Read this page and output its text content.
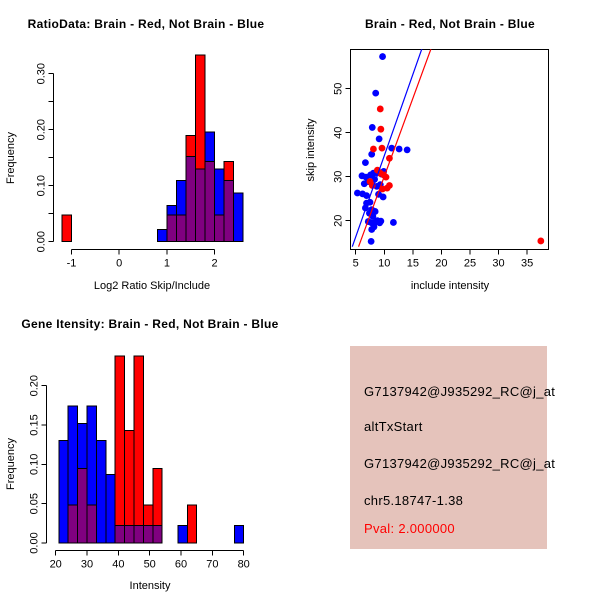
RatioData: Brain - Red, Not Brain - Blue
Frequency
Log2 Ratio Skip/Include
0.00
0.10
0.20
0.30
-1	0	1	2
Brain - Red, Not Brain - Blue
skip intensity
include intensity
5 10 15 20 25 30 35
20
30
40
50
Gene Itensity: Brain - Red, Not Brain - Blue
Frequency
Intensity
0.00
0.05
0.10
0.15
0.20
20 30 40 50 60 70 80
G7137942@J935292_RC@j_at
altTxStart
G7137942@J935292_RC@j_at
chr5.18747-1.38
Pval: 2.000000
